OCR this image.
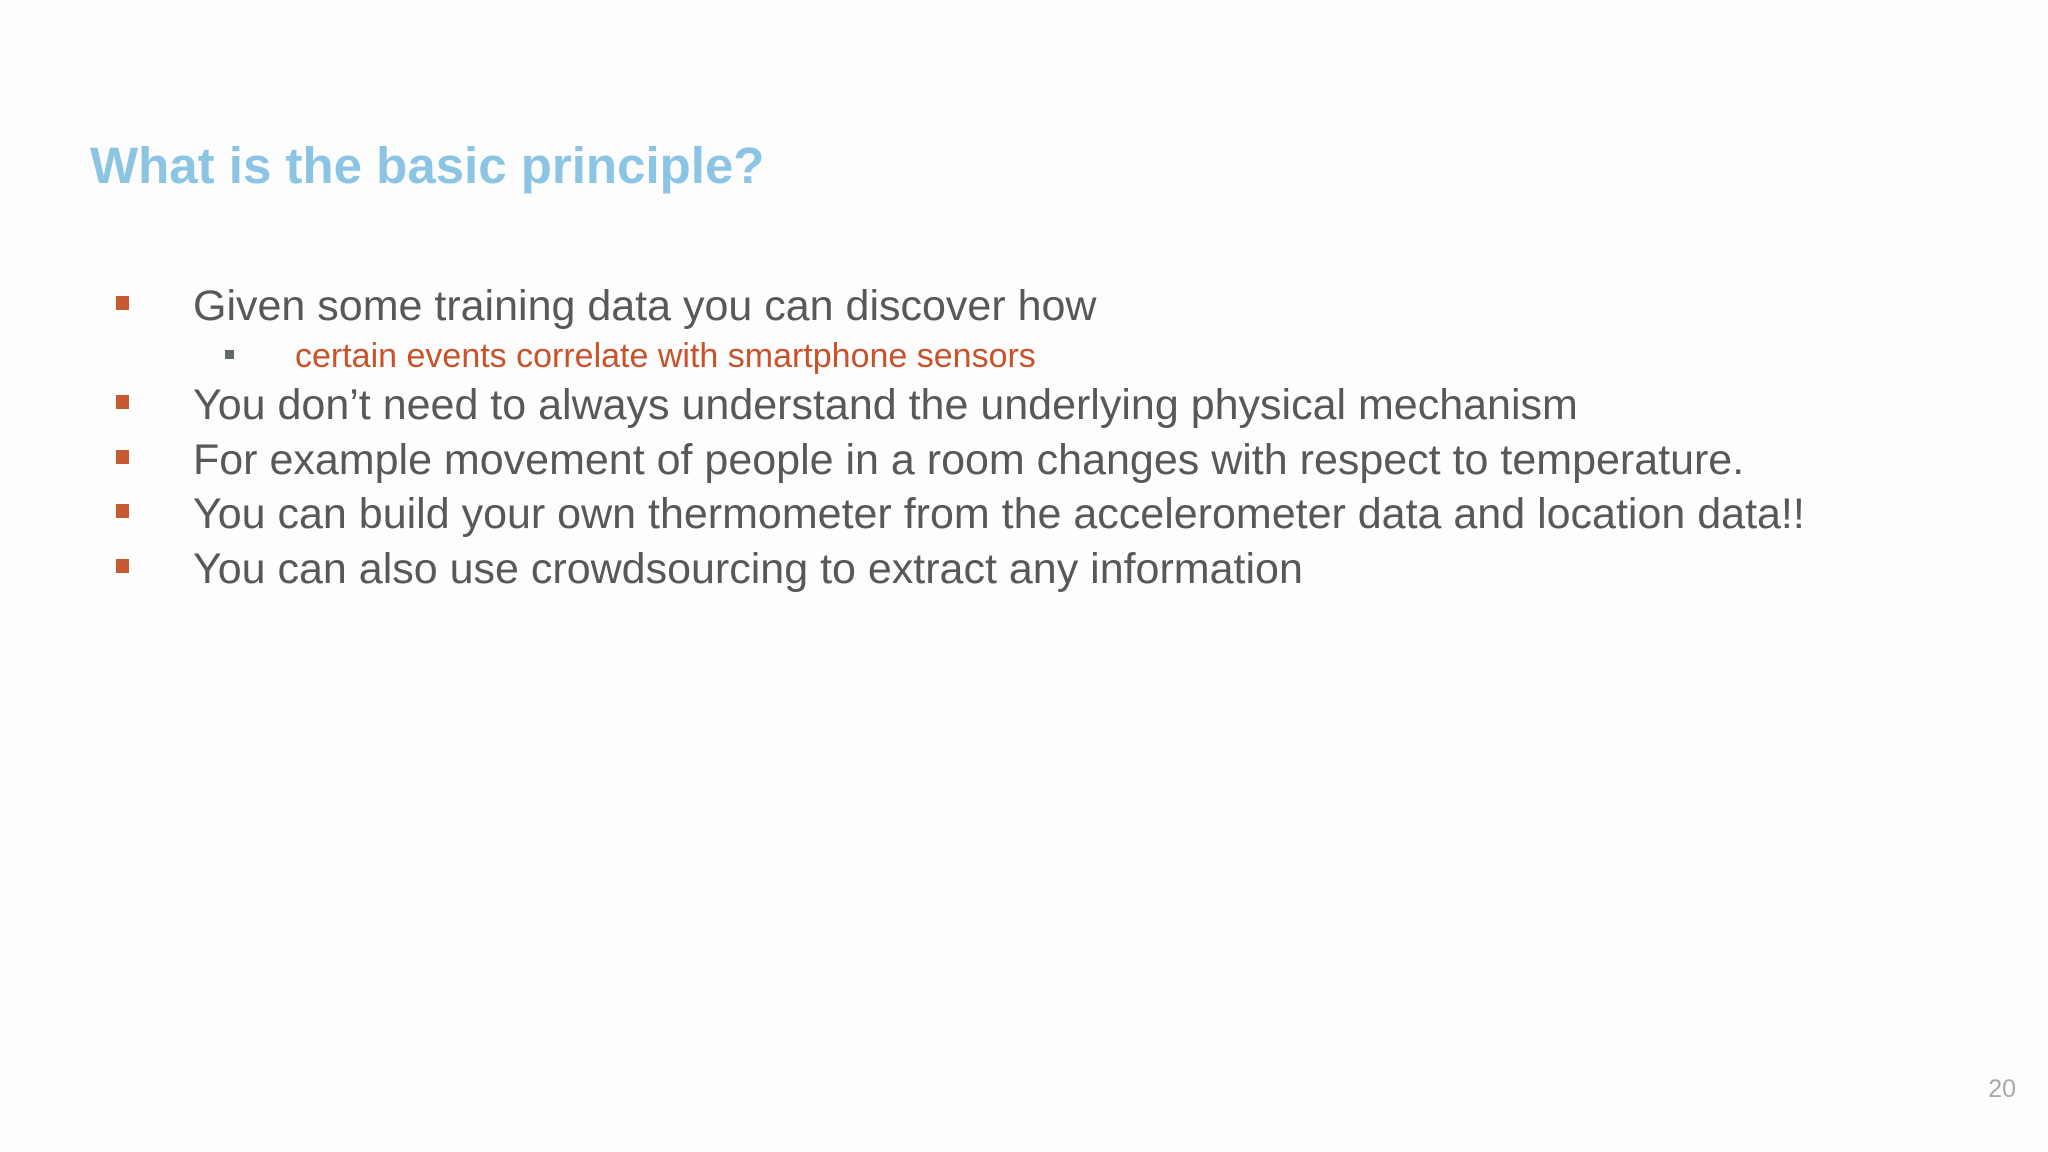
What is the basic principle?
Given some training data you can discover how
certain events correlate with smartphone sensors
You don’t need to always understand the underlying physical mechanism
For example movement of people in a room changes with respect to temperature.
You can build your own thermometer from the accelerometer data and location data!!
You can also use crowdsourcing to extract any information
20
